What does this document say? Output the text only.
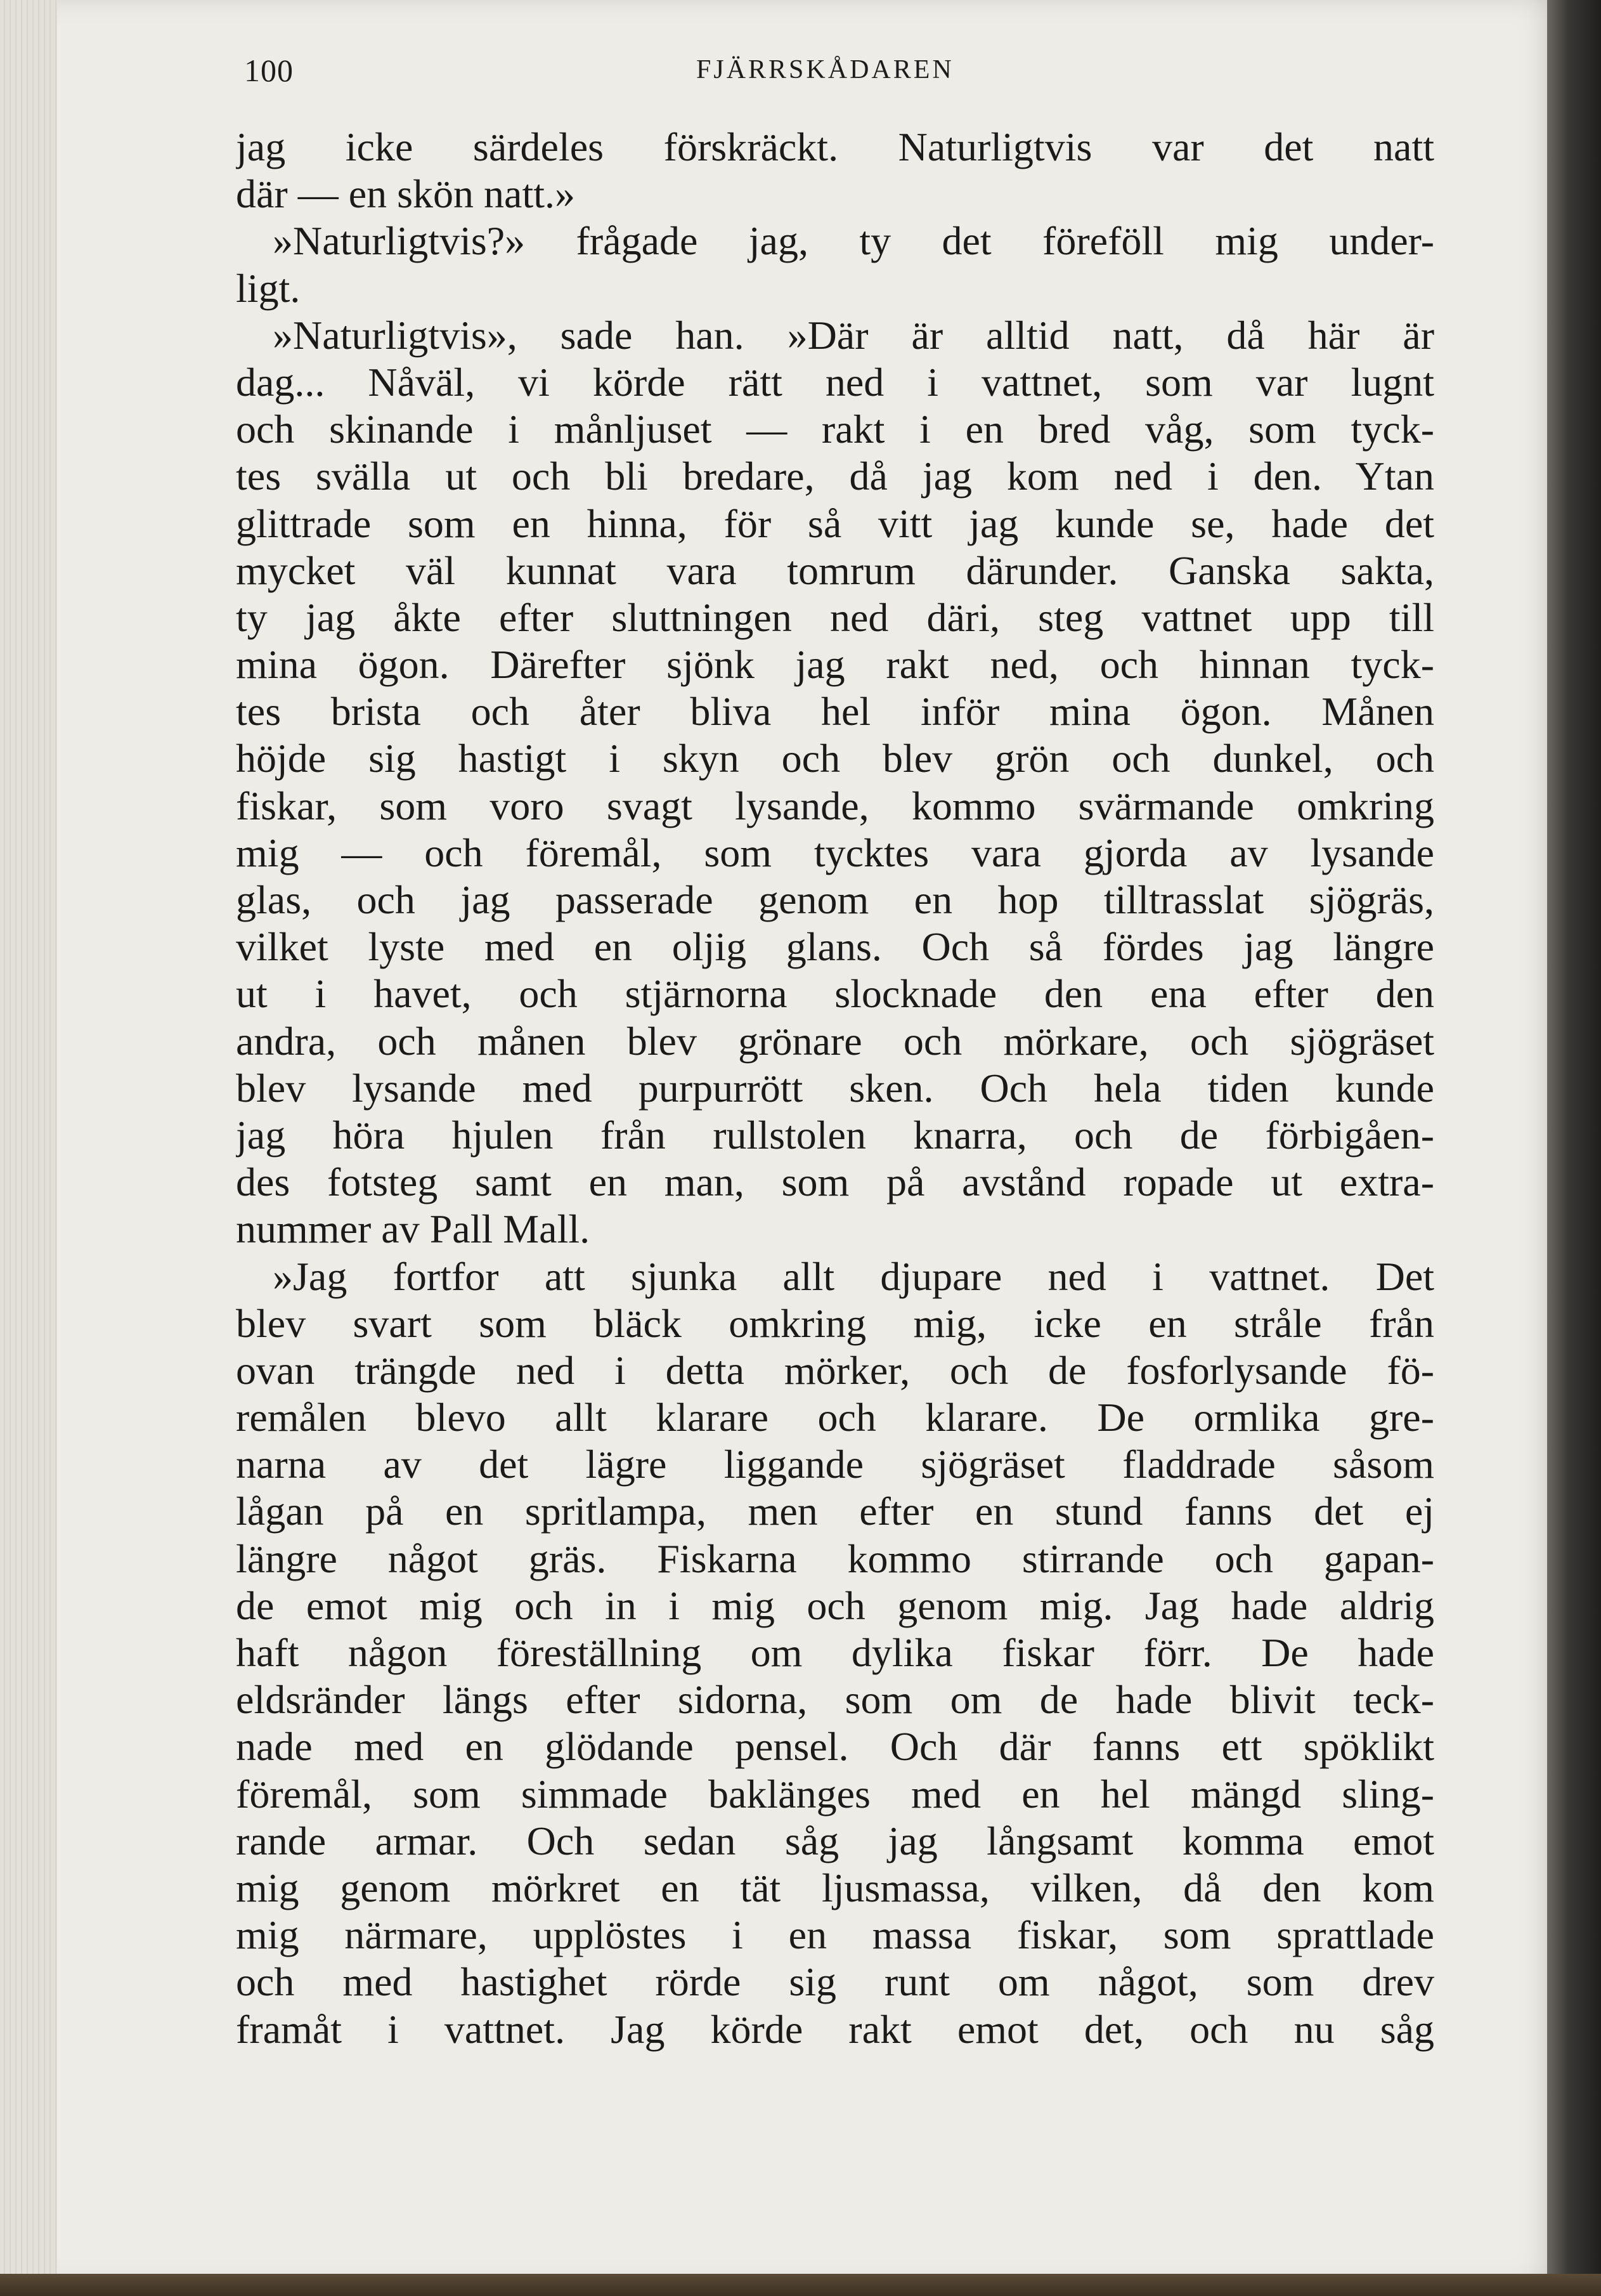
100	FJÄRRSKÅDAREN
jag icke särdeles förskräckt. Naturligtvis var det natt
där — en skön natt.»
»Naturligtvis?» frågade jag, ty det föreföll mig under-
ligt.
»Naturligtvis», sade han. »Där är alltid natt, då här är
dag... Nåväl, vi körde rätt ned i vattnet, som var lugnt
och skinande i månljuset — rakt i en bred våg, som tyck-
tes svälla ut och bli bredare, då jag kom ned i den. Ytan
glittrade som en hinna, för så vitt jag kunde se, hade det
mycket väl kunnat vara tomrum därunder. Ganska sakta,
ty jag åkte efter sluttningen ned däri, steg vattnet upp till
mina ögon. Därefter sjönk jag rakt ned, och hinnan tyck-
tes brista och åter bliva hel inför mina ögon. Månen
höjde sig hastigt i skyn och blev grön och dunkel, och
fiskar, som voro svagt lysande, kommo svärmande omkring
mig — och föremål, som tycktes vara gjorda av lysande
glas, och jag passerade genom en hop tilltrasslat sjögräs,
vilket lyste med en oljig glans. Och så fördes jag längre
ut i havet, och stjärnorna slocknade den ena efter den
andra, och månen blev grönare och mörkare, och sjögräset
blev lysande med purpurrött sken. Och hela tiden kunde
jag höra hjulen från rullstolen knarra, och de förbigåen-
des fotsteg samt en man, som på avstånd ropade ut extra-
nummer av Pall Mall.
»Jag fortfor att sjunka allt djupare ned i vattnet. Det
blev svart som bläck omkring mig, icke en stråle från
ovan trängde ned i detta mörker, och de fosforlysande fö-
remålen blevo allt klarare och klarare. De ormlika gre-
narna av det lägre liggande sjögräset fladdrade såsom
lågan på en spritlampa, men efter en stund fanns det ej
längre något gräs. Fiskarna kommo stirrande och gapan-
de emot mig och in i mig och genom mig. Jag hade aldrig
haft någon föreställning om dylika fiskar förr. De hade
eldsränder längs efter sidorna, som om de hade blivit teck-
nade med en glödande pensel. Och där fanns ett spöklikt
föremål, som simmade baklänges med en hel mängd sling-
rande armar. Och sedan såg jag långsamt komma emot
mig genom mörkret en tät ljusmassa, vilken, då den kom
mig närmare, upplöstes i en massa fiskar, som sprattlade
och med hastighet rörde sig runt om något, som drev
framåt i vattnet. Jag körde rakt emot det, och nu såg
